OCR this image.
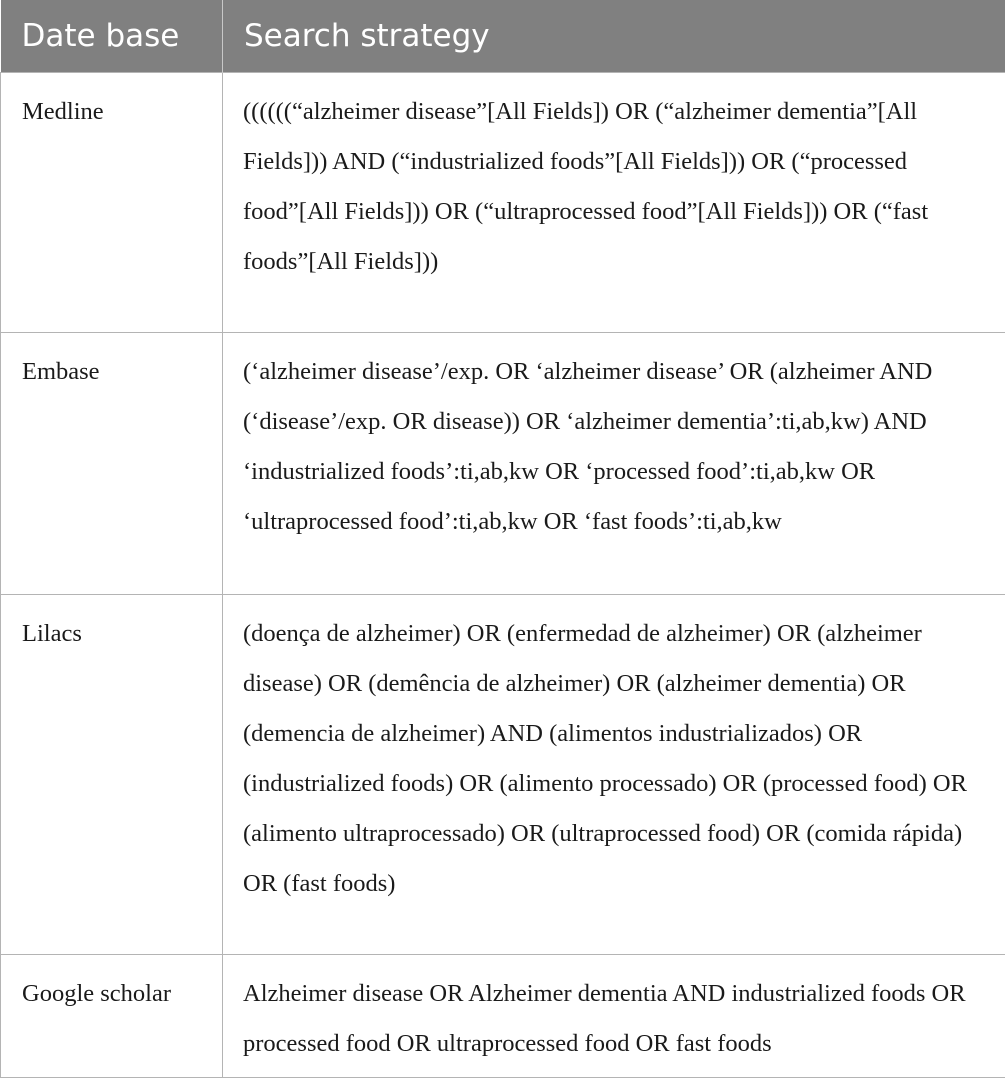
Date base	Search strategy
Medline	((((((“alzheimer disease”[All Fields]) OR (“alzheimer dementia”[All Fields])) AND (“industrialized foods”[All Fields])) OR (“processed food”[All Fields])) OR (“ultraprocessed food”[All Fields])) OR (“fast foods”[All Fields]))
Embase	(‘alzheimer disease’/exp. OR ‘alzheimer disease’ OR (alzheimer AND (‘disease’/exp. OR disease)) OR ‘alzheimer dementia’:ti,ab,kw) AND ‘industrialized foods’:ti,ab,kw OR ‘processed food’:ti,ab,kw OR ‘ultraprocessed food’:ti,ab,kw OR ‘fast foods’:ti,ab,kw
Lilacs	(doença de alzheimer) OR (enfermedad de alzheimer) OR (alzheimer disease) OR (demência de alzheimer) OR (alzheimer dementia) OR (demencia de alzheimer) AND (alimentos industrializados) OR (industrialized foods) OR (alimento processado) OR (processed food) OR (alimento ultraprocessado) OR (ultraprocessed food) OR (comida rápida) OR (fast foods)
Google scholar	Alzheimer disease OR Alzheimer dementia AND industrialized foods OR processed food OR ultraprocessed food OR fast foods
